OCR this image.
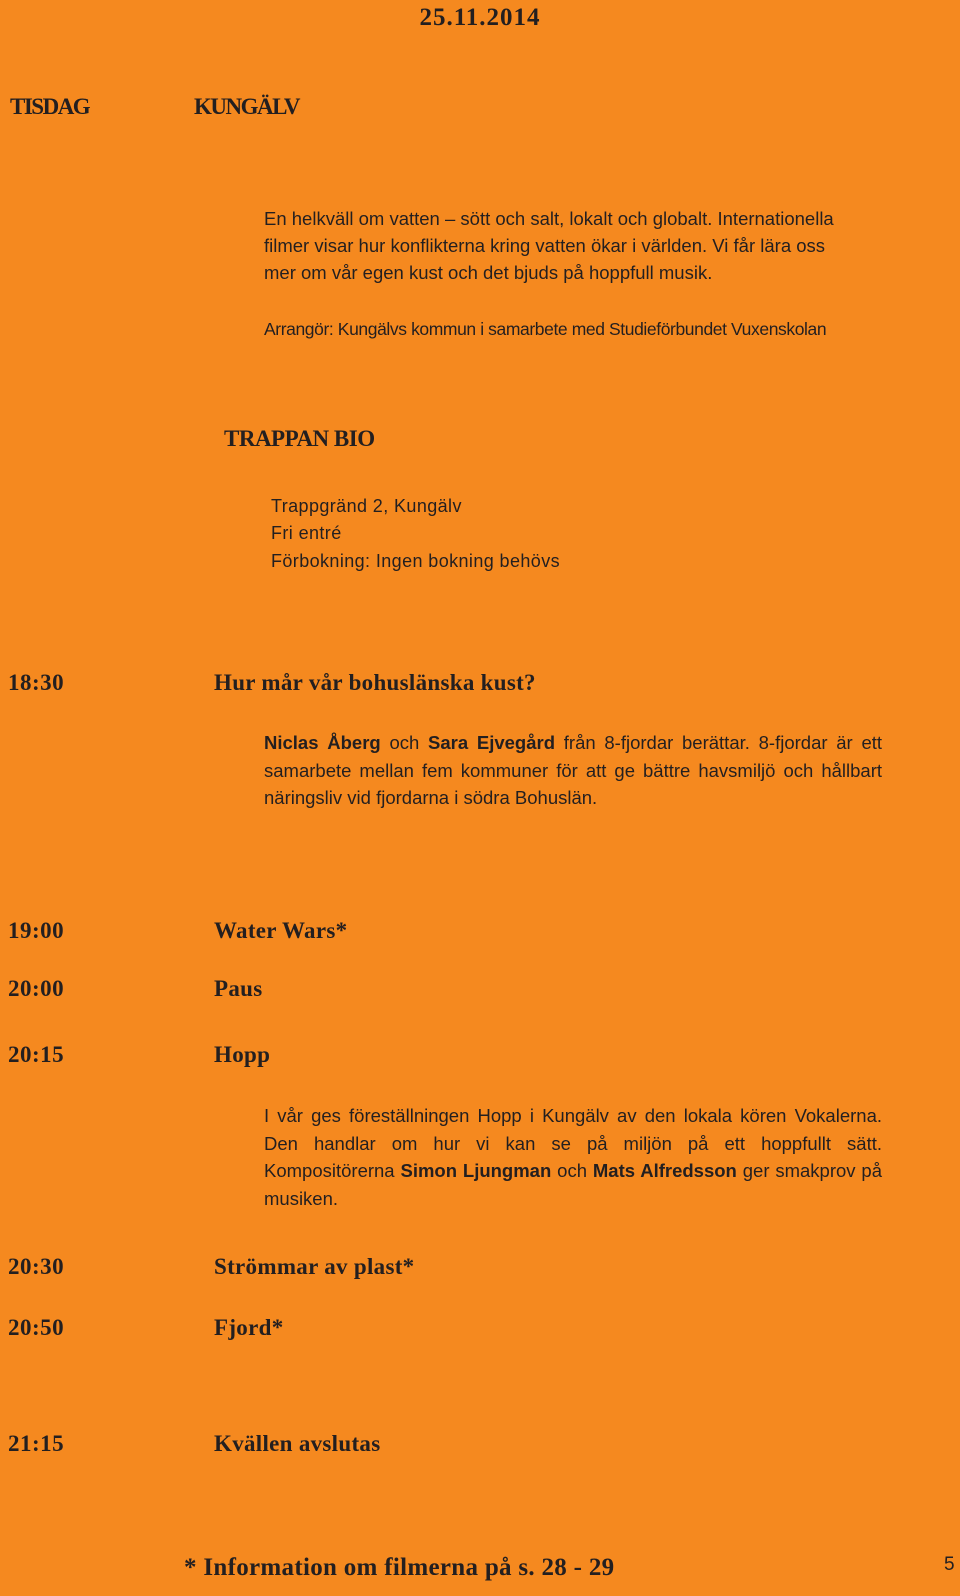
25.11.2014
TISDAG	KUNGÄLV
En helkväll om vatten – sött och salt, lokalt och globalt. Internationella
filmer visar hur konflikterna kring vatten ökar i världen. Vi får lära oss
mer om vår egen kust och det bjuds på hoppfull musik.
Arrangör: Kungälvs kommun i samarbete med Studieförbundet Vuxenskolan
TRAPPAN BIO
Trappgränd 2, Kungälv
Fri entré
Förbokning: Ingen bokning behövs
18:30	Hur mår vår bohuslänska kust?

Niclas Åberg och Sara Ejvegård från 8-fjordar berättar. 8-fjordar är ett samarbete mellan fem kommuner för att ge bättre havsmiljö och hållbart näringsliv vid fjordarna i södra Bohuslän.

19:00	Water Wars*
20:00	Paus
20:15	Hopp

I vår ges föreställningen Hopp i Kungälv av den lokala kören Vokalerna. Den handlar om hur vi kan se på miljön på ett hoppfullt sätt. Kompositörerna Simon Ljungman och Mats Alfredsson ger smakprov på musiken.

20:30	Strömmar av plast*
20:50	Fjord*
21:15	Kvällen avslutas
* Information om filmerna på s. 28 - 29	5
